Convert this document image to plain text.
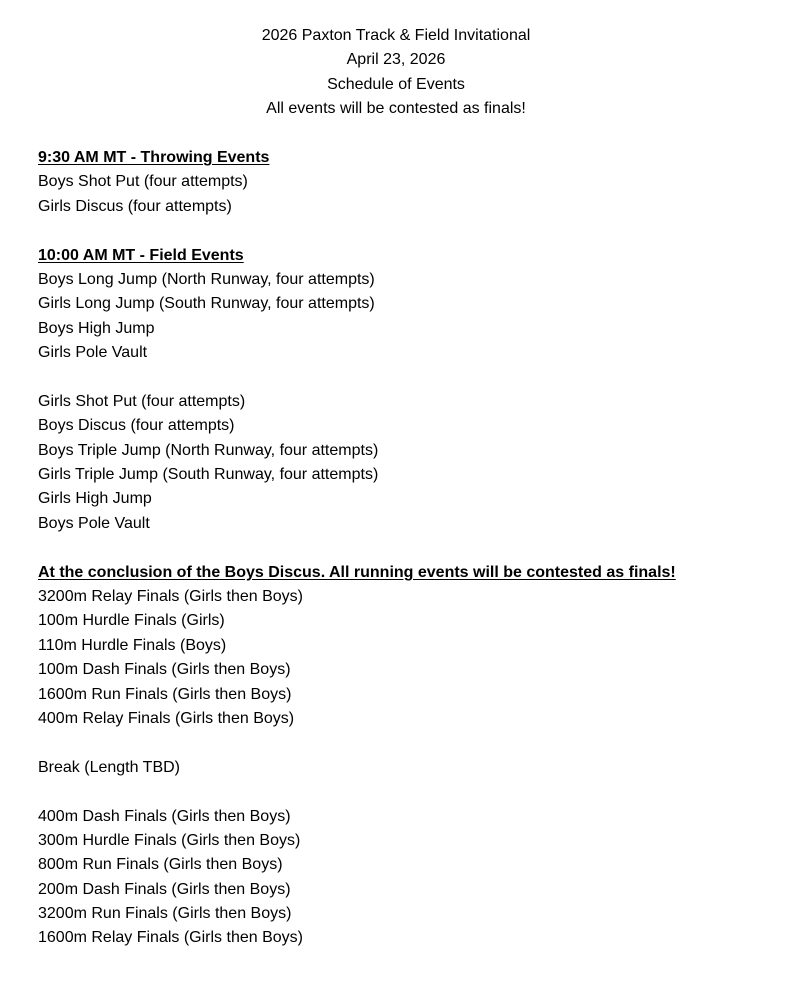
2026 Paxton Track & Field Invitational
April 23, 2026
Schedule of Events
All events will be contested as finals!
9:30 AM MT - Throwing Events
Boys Shot Put (four attempts)
Girls Discus (four attempts)
10:00 AM MT - Field Events
Boys Long Jump (North Runway, four attempts)
Girls Long Jump (South Runway, four attempts)
Boys High Jump
Girls Pole Vault
Girls Shot Put (four attempts)
Boys Discus (four attempts)
Boys Triple Jump (North Runway, four attempts)
Girls Triple Jump (South Runway, four attempts)
Girls High Jump
Boys Pole Vault
At the conclusion of the Boys Discus. All running events will be contested as finals!
3200m Relay Finals (Girls then Boys)
100m Hurdle Finals (Girls)
110m Hurdle Finals (Boys)
100m Dash Finals (Girls then Boys)
1600m Run Finals (Girls then Boys)
400m Relay Finals (Girls then Boys)
Break (Length TBD)
400m Dash Finals (Girls then Boys)
300m Hurdle Finals (Girls then Boys)
800m Run Finals (Girls then Boys)
200m Dash Finals (Girls then Boys)
3200m Run Finals (Girls then Boys)
1600m Relay Finals (Girls then Boys)
